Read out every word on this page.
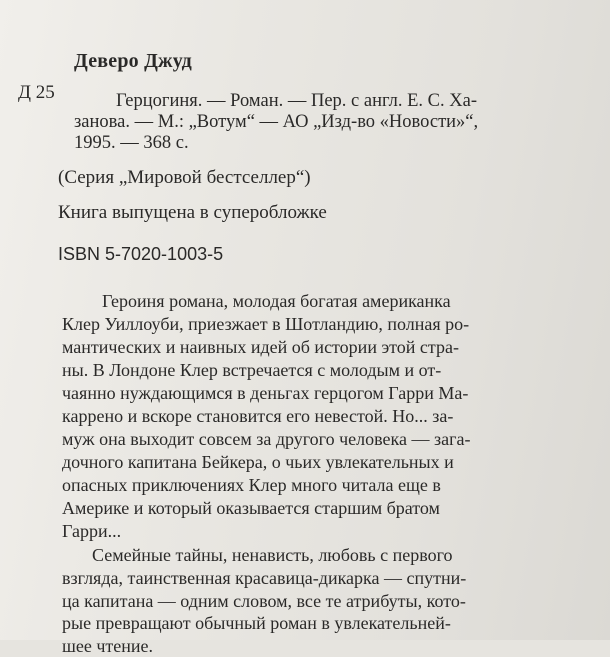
Деверо Джуд
Д 25	Герцогиня. — Роман. — Пер. с англ. Е. С. Ха-
занова. — М.: „Вотум“ — АО „Изд-во «Новости»“,
1995. — 368 с.
(Серия „Мировой бестселлер“)
Книга выпущена в суперобложке
ISBN 5-7020-1003-5
Героиня романа, молодая богатая американка
Клер Уиллоуби, приезжает в Шотландию, полная ро-
мантических и наивных идей об истории этой стра-
ны. В Лондоне Клер встречается с молодым и от-
чаянно нуждающимся в деньгах герцогом Гарри Ма-
каррено и вскоре становится его невестой. Но... за-
муж она выходит совсем за другого человека — зага-
дочного капитана Бейкера, о чьих увлекательных и
опасных приключениях Клер много читала еще в
Америке и который оказывается старшим братом
Гарри...
Семейные тайны, ненависть, любовь с первого
взгляда, таинственная красавица-дикарка — спутни-
ца капитана — одним словом, все те атрибуты, кото-
рые превращают обычный роман в увлекательней-
шее чтение.
